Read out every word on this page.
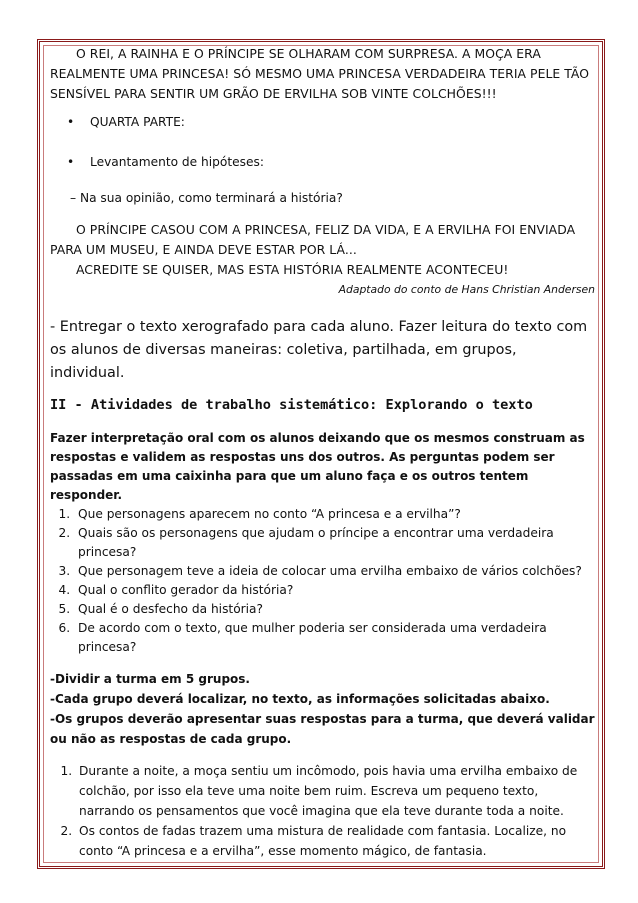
O REI, A RAINHA E O PRÍNCIPE SE OLHARAM COM SURPRESA. A MOÇA ERA REALMENTE UMA PRINCESA! SÓ MESMO UMA PRINCESA VERDADEIRA TERIA PELE TÃO SENSÍVEL PARA SENTIR UM GRÃO DE ERVILHA SOB VINTE COLCHÕES!!!

• QUARTA PARTE:
• Levantamento de hipóteses:

– Na sua opinião, como terminará a história?

O PRÍNCIPE CASOU COM A PRINCESA, FELIZ DA VIDA, E A ERVILHA FOI ENVIADA PARA UM MUSEU, E AINDA DEVE ESTAR POR LÁ...

ACREDITE SE QUISER, MAS ESTA HISTÓRIA REALMENTE ACONTECEU!

Adaptado do conto de Hans Christian Andersen

- Entregar o texto xerografado para cada aluno. Fazer leitura do texto com os alunos de diversas maneiras: coletiva, partilhada, em grupos, individual.

II - Atividades de trabalho sistemático: Explorando o texto

Fazer interpretação oral com os alunos deixando que os mesmos construam as respostas e validem as respostas uns dos outros. As perguntas podem ser passadas em uma caixinha para que um aluno faça e os outros tentem responder.

1. Que personagens aparecem no conto “A princesa e a ervilha”?
2. Quais são os personagens que ajudam o príncipe a encontrar uma verdadeira princesa?
3. Que personagem teve a ideia de colocar uma ervilha embaixo de vários colchões?
4. Qual o conflito gerador da história?
5. Qual é o desfecho da história?
6. De acordo com o texto, que mulher poderia ser considerada uma verdadeira princesa?

-Dividir a turma em 5 grupos.

-Cada grupo deverá localizar, no texto, as informações solicitadas abaixo.

-Os grupos deverão apresentar suas respostas para a turma, que deverá validar ou não as respostas de cada grupo.

1. Durante a noite, a moça sentiu um incômodo, pois havia uma ervilha embaixo de colchão, por isso ela teve uma noite bem ruim. Escreva um pequeno texto, narrando os pensamentos que você imagina que ela teve durante toda a noite.
2. Os contos de fadas trazem uma mistura de realidade com fantasia. Localize, no conto “A princesa e a ervilha”, esse momento mágico, de fantasia.
